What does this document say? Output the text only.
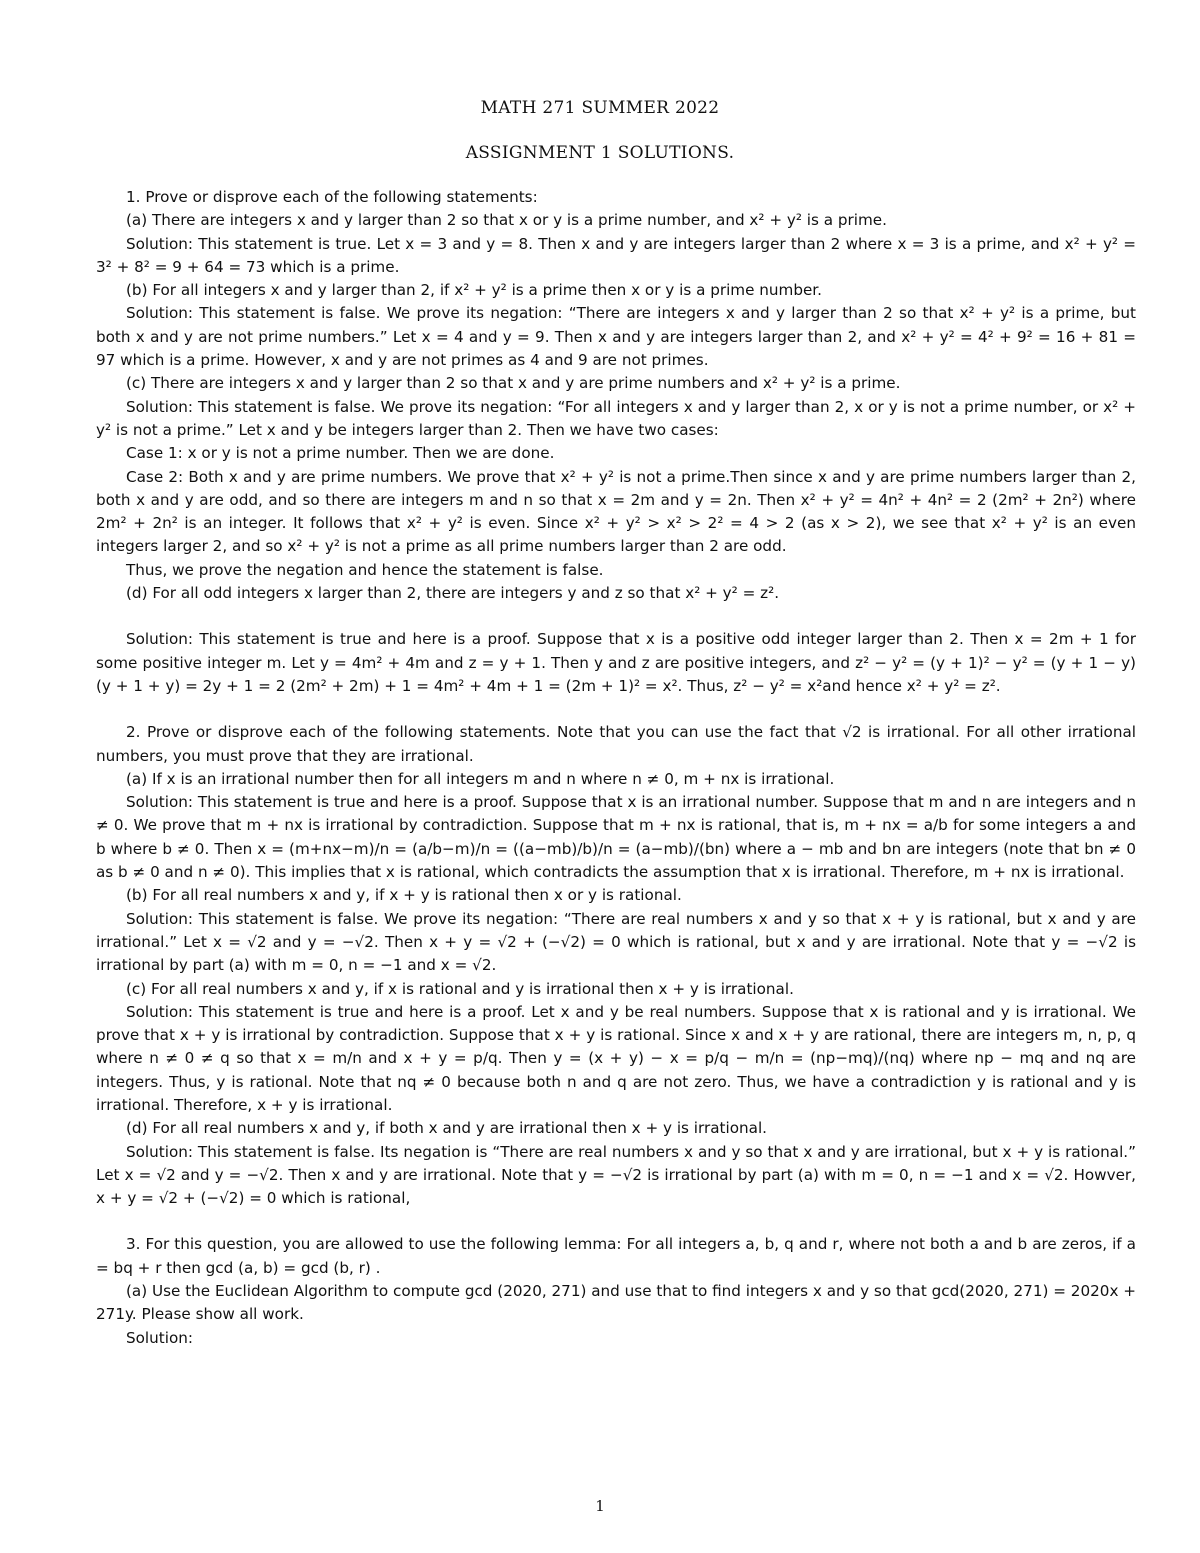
MATH 271 SUMMER 2022
ASSIGNMENT 1 SOLUTIONS.

1. Prove or disprove each of the following statements:

(a) There are integers x and y larger than 2 so that x or y is a prime number, and x² + y² is a prime.

Solution: This statement is true. Let x = 3 and y = 8. Then x and y are integers larger than 2 where x = 3 is a prime, and x² + y² = 3² + 8² = 9 + 64 = 73 which is a prime.

(b) For all integers x and y larger than 2, if x² + y² is a prime then x or y is a prime number.

Solution: This statement is false. We prove its negation: “There are integers x and y larger than 2 so that x² + y² is a prime, but both x and y are not prime numbers.” Let x = 4 and y = 9. Then x and y are integers larger than 2, and x² + y² = 4² + 9² = 16 + 81 = 97 which is a prime. However, x and y are not primes as 4 and 9 are not primes.

(c) There are integers x and y larger than 2 so that x and y are prime numbers and x² + y² is a prime.

Solution: This statement is false. We prove its negation: “For all integers x and y larger than 2, x or y is not a prime number, or x² + y² is not a prime.” Let x and y be integers larger than 2. Then we have two cases:

Case 1: x or y is not a prime number. Then we are done.

Case 2: Both x and y are prime numbers. We prove that x² + y² is not a prime.Then since x and y are prime numbers larger than 2, both x and y are odd, and so there are integers m and n so that x = 2m and y = 2n. Then x² + y² = 4n² + 4n² = 2 (2m² + 2n²) where 2m² + 2n² is an integer. It follows that x² + y² is even. Since x² + y² > x² > 2² = 4 > 2 (as x > 2), we see that x² + y² is an even integers larger 2, and so x² + y² is not a prime as all prime numbers larger than 2 are odd.

Thus, we prove the negation and hence the statement is false.

(d) For all odd integers x larger than 2, there are integers y and z so that x² + y² = z².

Solution: This statement is true and here is a proof. Suppose that x is a positive odd integer larger than 2. Then x = 2m + 1 for some positive integer m. Let y = 4m² + 4m and z = y + 1. Then y and z are positive integers, and z² − y² = (y + 1)² − y² = (y + 1 − y) (y + 1 + y) = 2y + 1 = 2 (2m² + 2m) + 1 = 4m² + 4m + 1 = (2m + 1)² = x². Thus, z² − y² = x²and hence x² + y² = z².

2. Prove or disprove each of the following statements. Note that you can use the fact that √2 is irrational. For all other irrational numbers, you must prove that they are irrational.

(a) If x is an irrational number then for all integers m and n where n ≠ 0, m + nx is irrational.

Solution: This statement is true and here is a proof. Suppose that x is an irrational number. Suppose that m and n are integers and n ≠ 0. We prove that m + nx is irrational by contradiction. Suppose that m + nx is rational, that is, m + nx = a/b for some integers a and b where b ≠ 0. Then x = (m+nx−m)/n = (a/b−m)/n = ((a−mb)/b)/n = (a−mb)/(bn) where a − mb and bn are integers (note that bn ≠ 0 as b ≠ 0 and n ≠ 0). This implies that x is rational, which contradicts the assumption that x is irrational. Therefore, m + nx is irrational.

(b) For all real numbers x and y, if x + y is rational then x or y is rational.

Solution: This statement is false. We prove its negation: “There are real numbers x and y so that x + y is rational, but x and y are irrational.” Let x = √2 and y = −√2. Then x + y = √2 + (−√2) = 0 which is rational, but x and y are irrational. Note that y = −√2 is irrational by part (a) with m = 0, n = −1 and x = √2.

(c) For all real numbers x and y, if x is rational and y is irrational then x + y is irrational.

Solution: This statement is true and here is a proof. Let x and y be real numbers. Suppose that x is rational and y is irrational. We prove that x + y is irrational by contradiction. Suppose that x + y is rational. Since x and x + y are rational, there are integers m, n, p, q where n ≠ 0 ≠ q so that x = m/n and x + y = p/q. Then y = (x + y) − x = p/q − m/n = (np−mq)/(nq) where np − mq and nq are integers. Thus, y is rational. Note that nq ≠ 0 because both n and q are not zero. Thus, we have a contradiction y is rational and y is irrational. Therefore, x + y is irrational.

(d) For all real numbers x and y, if both x and y are irrational then x + y is irrational.

Solution: This statement is false. Its negation is “There are real numbers x and y so that x and y are irrational, but x + y is rational.” Let x = √2 and y = −√2. Then x and y are irrational. Note that y = −√2 is irrational by part (a) with m = 0, n = −1 and x = √2. Howver, x + y = √2 + (−√2) = 0 which is rational,

3. For this question, you are allowed to use the following lemma: For all integers a, b, q and r, where not both a and b are zeros, if a = bq + r then gcd (a, b) = gcd (b, r) .

(a) Use the Euclidean Algorithm to compute gcd (2020, 271) and use that to find integers x and y so that gcd(2020, 271) = 2020x + 271y. Please show all work.

Solution:

1
